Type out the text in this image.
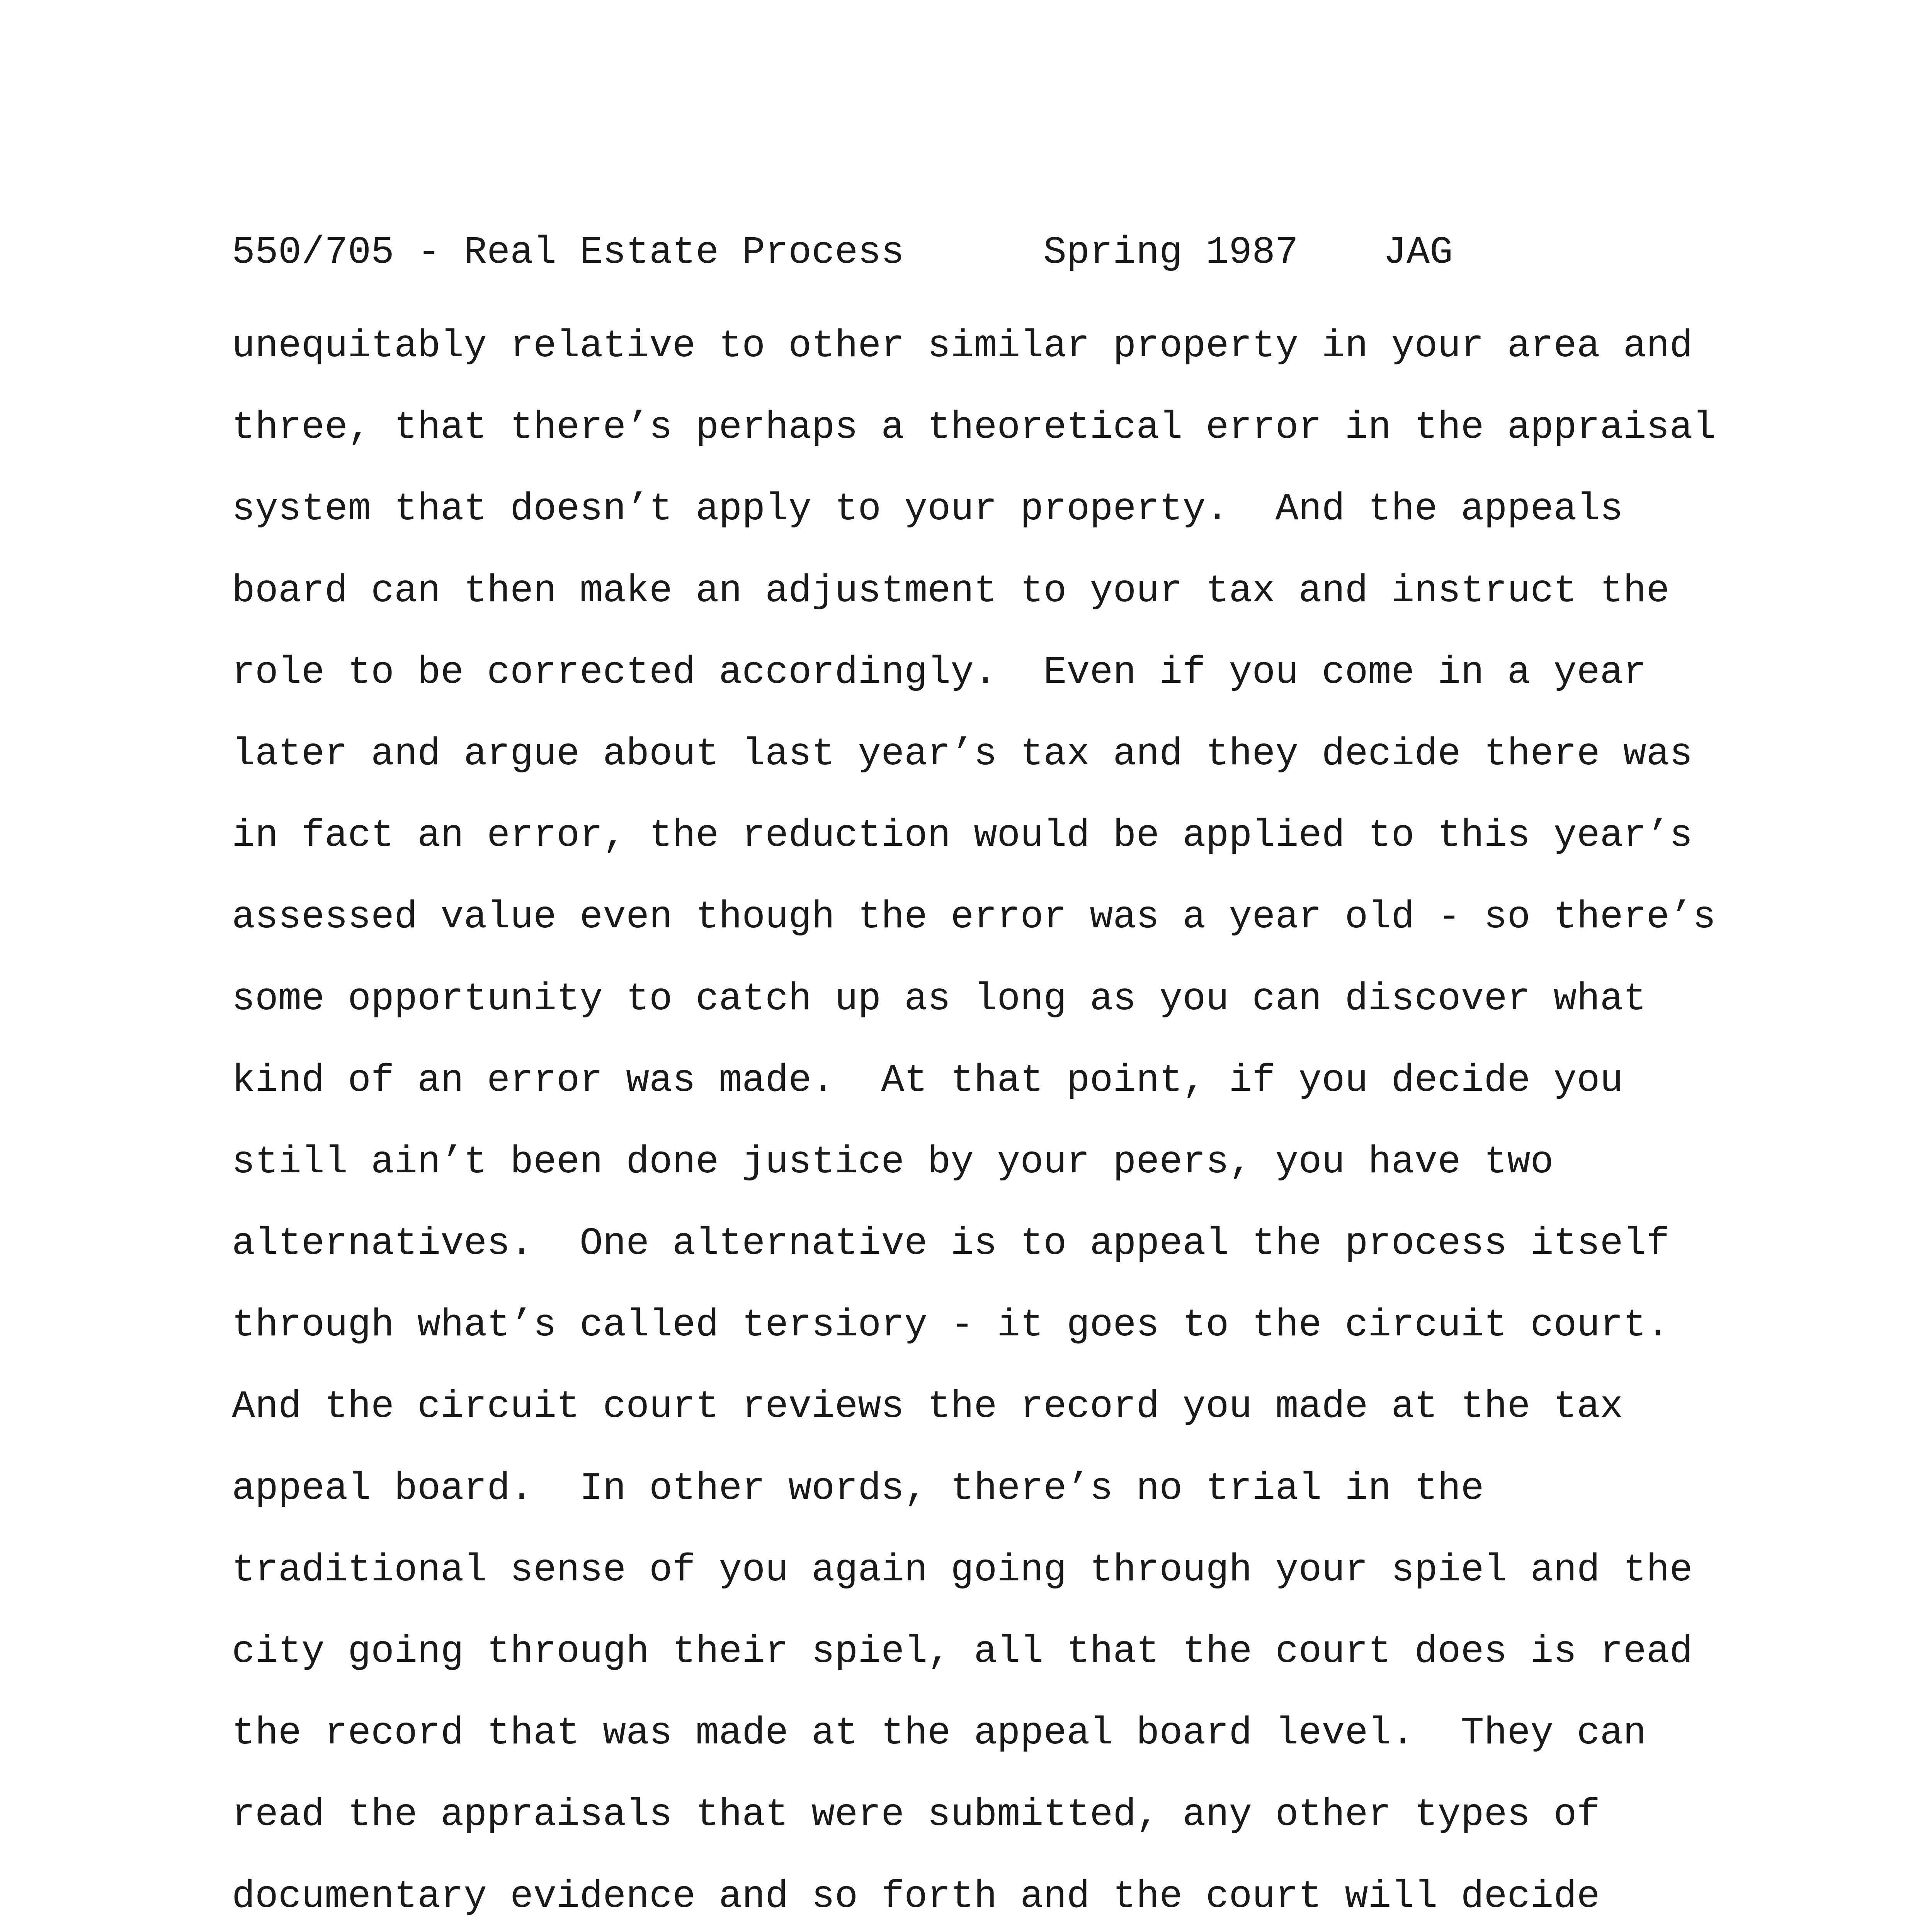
550/705 - Real Estate Process

	Spring 1987

JAG

unequitably relative to other similar property in your area and
three, that there’s perhaps a theoretical error in the appraisal
system that doesn’t apply to your property.  And the appeals
board can then make an adjustment to your tax and instruct the
role to be corrected accordingly.  Even if you come in a year
later and argue about last year’s tax and they decide there was
in fact an error, the reduction would be applied to this year’s
assessed value even though the error was a year old - so there’s
some opportunity to catch up as long as you can discover what
kind of an error was made.  At that point, if you decide you
still ain’t been done justice by your peers, you have two
alternatives.  One alternative is to appeal the process itself
through what’s called tersiory - it goes to the circuit court.
And the circuit court reviews the record you made at the tax
appeal board.  In other words, there’s no trial in the
traditional sense of you again going through your spiel and the
city going through their spiel, all that the court does is read
the record that was made at the appeal board level.  They can
read the appraisals that were submitted, any other types of
documentary evidence and so forth and the court will decide
